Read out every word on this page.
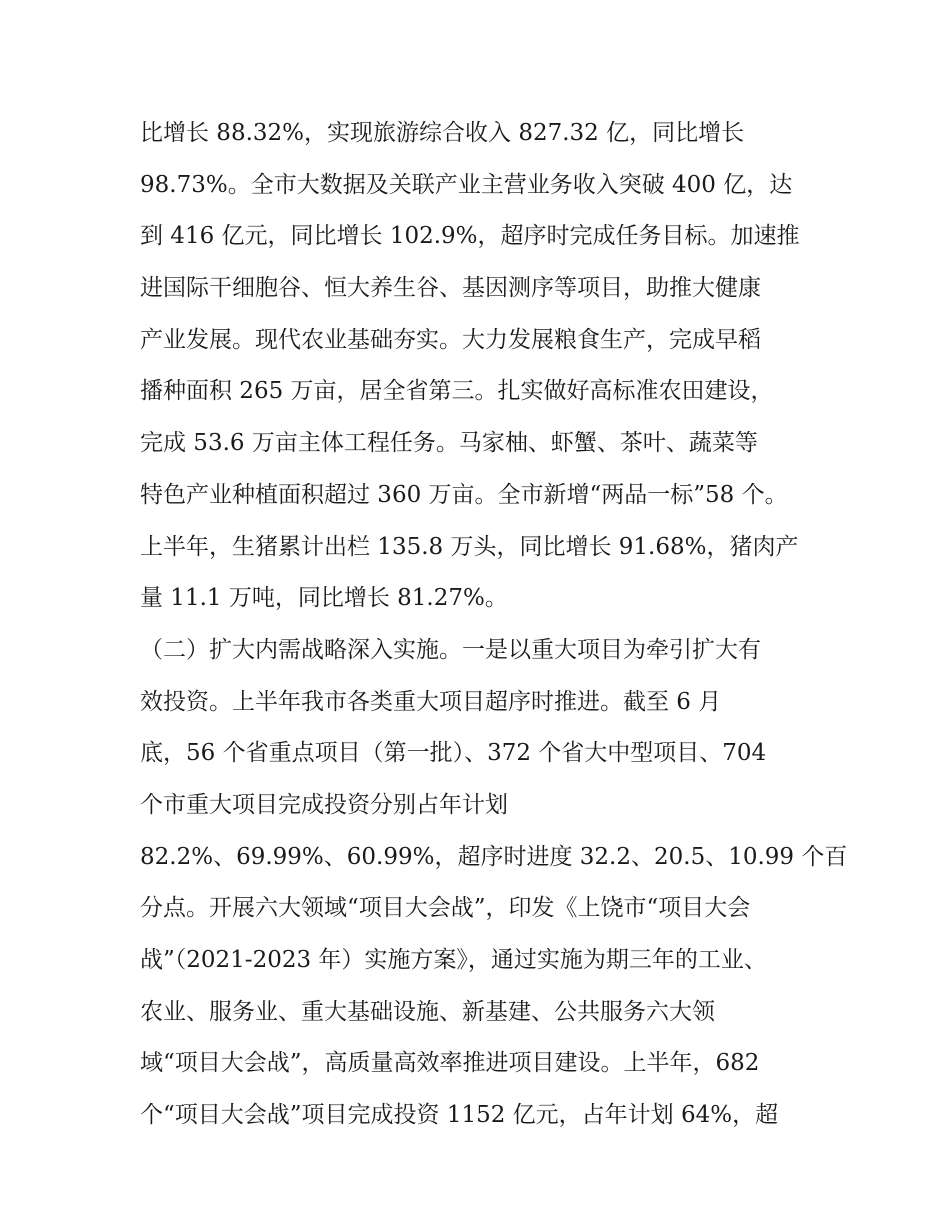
比增长 88.32%，实现旅游综合收入 827.32 亿，同比增长
98.73%。全市大数据及关联产业主营业务收入突破 400 亿，达
到 416 亿元，同比增长 102.9%，超序时完成任务目标。加速推
进国际干细胞谷、恒大养生谷、基因测序等项目，助推大健康
产业发展。现代农业基础夯实。大力发展粮食生产，完成早稻
播种面积 265 万亩，居全省第三。扎实做好高标准农田建设，
完成 53.6 万亩主体工程任务。马家柚、虾蟹、茶叶、蔬菜等
特色产业种植面积超过 360 万亩。全市新增“两品一标”58 个。
上半年，生猪累计出栏 135.8 万头，同比增长 91.68%，猪肉产
量 11.1 万吨，同比增长 81.27%。
（二）扩大内需战略深入实施。一是以重大项目为牵引扩大有
效投资。上半年我市各类重大项目超序时推进。截至 6 月
底，56 个省重点项目（第一批）、372 个省大中型项目、704
个市重大项目完成投资分别占年计划
82.2%、69.99%、60.99%，超序时进度 32.2、20.5、10.99 个百
分点。开展六大领域“项目大会战”，印发《上饶市“项目大会
战”（2021-2023 年）实施方案》，通过实施为期三年的工业、
农业、服务业、重大基础设施、新基建、公共服务六大领
域“项目大会战”，高质量高效率推进项目建设。上半年，682
个“项目大会战”项目完成投资 1152 亿元，占年计划 64%，超
